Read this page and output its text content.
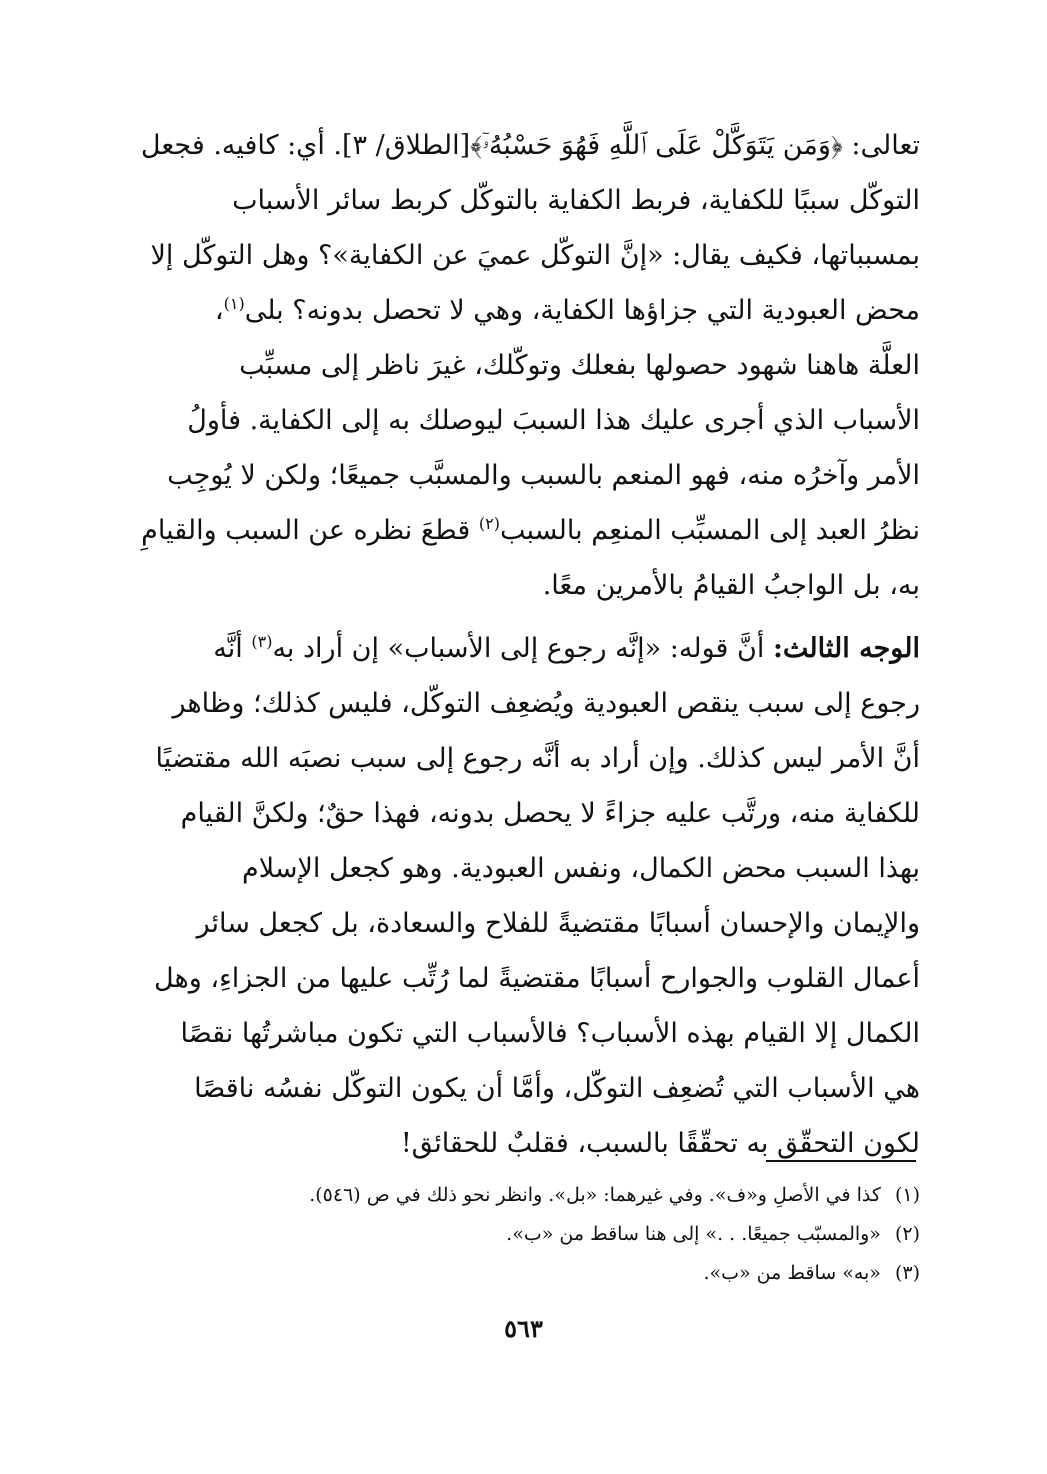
تعالى: ﴿وَمَن يَتَوَكَّلْ عَلَى ٱللَّهِ فَهُوَ حَسْبُهُۥٓ﴾[الطلاق/ ٣]. أي: كافيه. فجعل
التوكّل سببًا للكفاية، فربط الكفاية بالتوكّل كربط سائر الأسباب
بمسبباتها، فكيف يقال: «إنَّ التوكّل عميَ عن الكفاية»؟ وهل التوكّل إلا
محض العبودية التي جزاؤها الكفاية، وهي لا تحصل بدونه؟ بلى$^{(١)}$،
العلَّة هاهنا شهود حصولها بفعلك وتوكّلك، غيرَ ناظر إلى مسبِّب
الأسباب الذي أجرى عليك هذا السببَ ليوصلك به إلى الكفاية. فأولُ
الأمر وآخرُه منه، فهو المنعم بالسبب والمسبَّب جميعًا؛ ولكن لا يُوجِب
نظرُ العبد إلى المسبِّب المنعِم بالسبب$^{(٢)}$ قطعَ نظره عن السبب والقيامِ
به، بل الواجبُ القيامُ بالأمرين معًا.
الوجه الثالث: أنَّ قوله: «إنَّه رجوع إلى الأسباب» إن أراد به$^{(٣)}$ أنَّه
رجوع إلى سبب ينقص العبودية ويُضعِف التوكّل، فليس كذلك؛ وظاهر
أنَّ الأمر ليس كذلك. وإن أراد به أنَّه رجوع إلى سبب نصبَه الله مقتضيًا
للكفاية منه، ورتَّب عليه جزاءً لا يحصل بدونه، فهذا حقٌ؛ ولكنَّ القيام
بهذا السبب محض الكمال، ونفس العبودية. وهو كجعل الإسلام
والإيمان والإحسان أسبابًا مقتضيةً للفلاح والسعادة، بل كجعل سائر
أعمال القلوب والجوارح أسبابًا مقتضيةً لما رُتِّب عليها من الجزاءِ، وهل
الكمال إلا القيام بهذه الأسباب؟ فالأسباب التي تكون مباشرتُها نقصًا
هي الأسباب التي تُضعِف التوكّل، وأمَّا أن يكون التوكّل نفسُه ناقصًا
لكون التحقّق به تحقّقًا بالسبب، فقلبٌ للحقائق!
(١)كذا في الأصلِ و«ف». وفي غيرهما: «بل». وانظر نحو ذلك في ص (٥٤٦).
(٢)«والمسبّب جميعًا. . .» إلى هنا ساقط من «ب».
(٣)«به» ساقط من «ب».
٥٦٣
